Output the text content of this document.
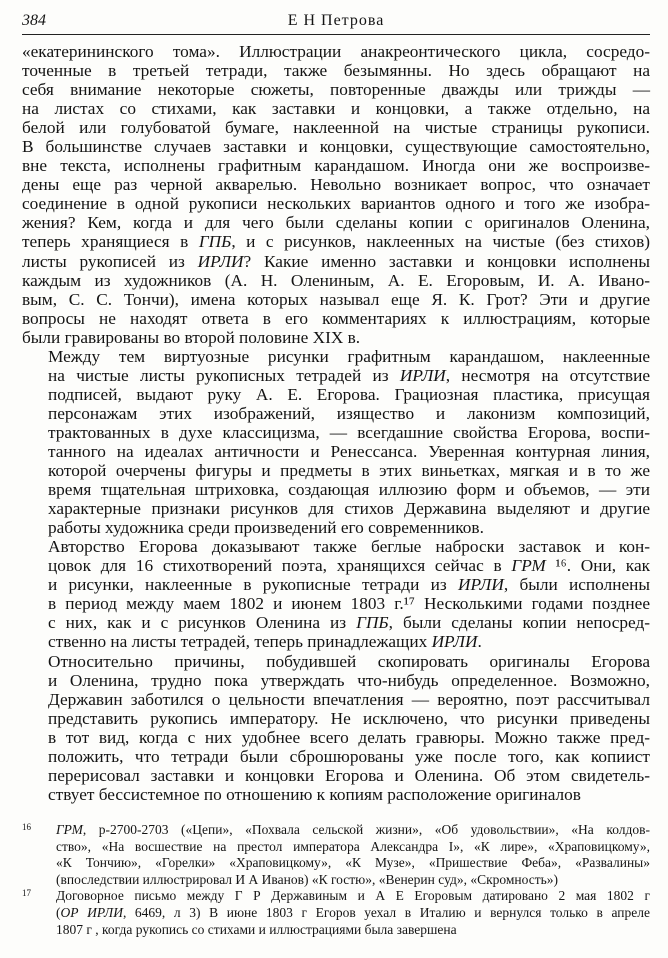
384	Е Н Петрова

«екатерининского тома». Иллюстрации анакреонтического цикла, сосредо-
точенные в третьей тетради, также безымянны. Но здесь обращают на
себя внимание некоторые сюжеты, повторенные дважды или трижды —
на листах со стихами, как заставки и концовки, а также отдельно, на
белой или голубоватой бумаге, наклеенной на чистые страницы рукописи.
В большинстве случаев заставки и концовки, существующие самостоятельно,
вне текста, исполнены графитным карандашом. Иногда они же воспроизве-
дены еще раз черной акварелью. Невольно возникает вопрос, что означает
соединение в одной рукописи нескольких вариантов одного и того же изобра-
жения? Кем, когда и для чего были сделаны копии с оригиналов Оленина,
теперь хранящиеся в ГПБ, и с рисунков, наклеенных на чистые (без стихов)
листы рукописей из ИРЛИ? Какие именно заставки и концовки исполнены
каждым из художников (А. Н. Олениным, А. Е. Егоровым, И. А. Ивано-
вым, С. С. Тончи), имена которых называл еще Я. К. Грот? Эти и другие
вопросы не находят ответа в его комментариях к иллюстрациям, которые
были гравированы во второй половине XIX в.

Между тем виртуозные рисунки графитным карандашом, наклеенные
на чистые листы рукописных тетрадей из ИРЛИ, несмотря на отсутствие
подписей, выдают руку А. Е. Егорова. Грациозная пластика, присущая
персонажам этих изображений, изящество и лаконизм композиций,
трактованных в духе классицизма, — всегдашние свойства Егорова, воспи-
танного на идеалах античности и Ренессанса. Уверенная контурная линия,
которой очерчены фигуры и предметы в этих виньетках, мягкая и в то же
время тщательная штриховка, создающая иллюзию форм и объемов, — эти
характерные признаки рисунков для стихов Державина выделяют и другие
работы художника среди произведений его современников.

Авторство Егорова доказывают также беглые наброски заставок и кон-
цовок для 16 стихотворений поэта, хранящихся сейчас в ГРМ ¹⁶. Они, как
и рисунки, наклеенные в рукописные тетради из ИРЛИ, были исполнены
в период между маем 1802 и июнем 1803 г.¹⁷ Несколькими годами позднее
с них, как и с рисунков Оленина из ГПБ, были сделаны копии непосред-
ственно на листы тетрадей, теперь принадлежащих ИРЛИ.

Относительно причины, побудившей скопировать оригиналы Егорова
и Оленина, трудно пока утверждать что-нибудь определенное. Возможно,
Державин заботился о цельности впечатления — вероятно, поэт рассчитывал
представить рукопись императору. Не исключено, что рисунки приведены
в тот вид, когда с них удобнее всего делать гравюры. Можно также пред-
положить, что тетради были сброшюрованы уже после того, как копиист
перерисовал заставки и концовки Егорова и Оленина. Об этом свидетель-
ствует бессистемное по отношению к копиям расположение оригиналов

16 ГРМ, р-2700-2703 («Цепи», «Похвала сельской жизни», «Об удовольствии», «На колдов-
ство», «На восшествие на престол императора Александра I», «К лире», «Храповицкому»,
«К Тончию», «Горелки» «Храповицкому», «К Музе», «Пришествие Феба», «Развалины»
(впоследствии иллюстрировал И А Иванов) «К гостю», «Венерин суд», «Скромность»)
17 Договорное письмо между Г Р Державиным и А Е Егоровым датировано 2 мая 1802 г
(ОР ИРЛИ, 6469, л 3) В июне 1803 г Егоров уехал в Италию и вернулся только в апреле
1807 г , когда рукопись со стихами и иллюстрациями была завершена
